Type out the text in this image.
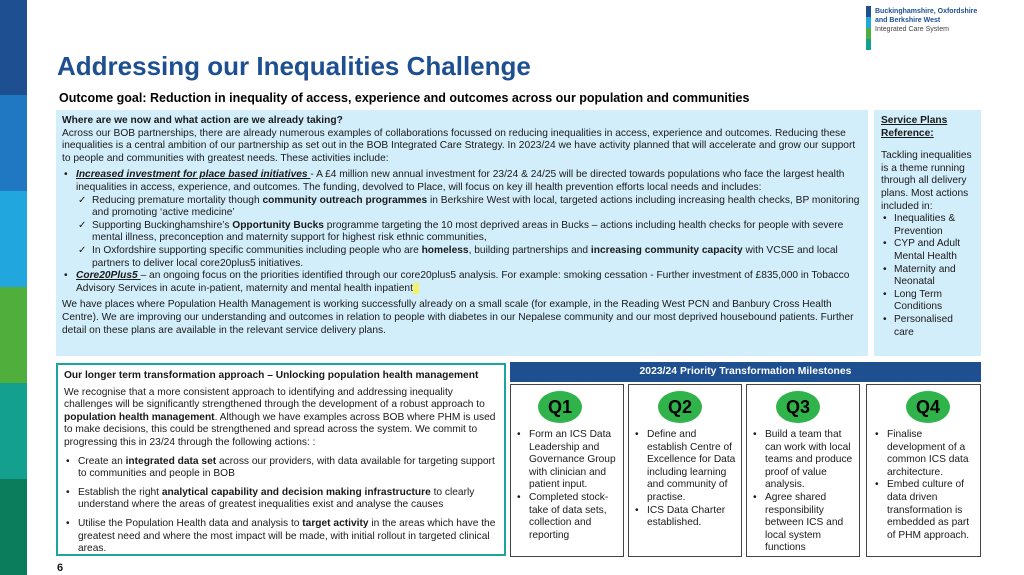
Buckinghamshire, Oxfordshire
and Berkshire West
Integrated Care System
Addressing our Inequalities Challenge
Outcome goal: Reduction in inequality of access, experience and outcomes across our population and communities
Where are we now and what action are we already taking?
Across our BOB partnerships, there are already numerous examples of collaborations focussed on reducing inequalities in access, experience and outcomes. Reducing these inequalities is a central ambition of our partnership as set out in the BOB Integrated Care Strategy. In 2023/24 we have activity planned that will accelerate and grow our support to people and communities with greatest needs. These activities include:
• Increased investment for place based initiatives - A £4 million new annual investment for 23/24 & 24/25 will be directed towards populations who face the largest health inequalities in access, experience, and outcomes. The funding, devolved to Place, will focus on key ill health prevention efforts local needs and includes:
✓ Reducing premature mortality though community outreach programmes in Berkshire West with local, targeted actions including increasing health checks, BP monitoring and promoting ‘active medicine’
✓ Supporting Buckinghamshire’s Opportunity Bucks programme targeting the 10 most deprived areas in Bucks – actions including health checks for people with severe mental illness, preconception and maternity support for highest risk ethnic communities,
✓ In Oxfordshire supporting specific communities including people who are homeless, building partnerships and increasing community capacity with VCSE and local partners to deliver local core20plus5 initiatives.
• Core20Plus5 – an ongoing focus on the priorities identified through our core20plus5 analysis. For example: smoking cessation - Further investment of £835,000 in Tobacco Advisory Services in acute in-patient, maternity and mental health inpatient
We have places where Population Health Management is working successfully already on a small scale (for example, in the Reading West PCN and Banbury Cross Health Centre). We are improving our understanding and outcomes in relation to people with diabetes in our Nepalese community and our most deprived housebound patients. Further detail on these plans are available in the relevant service delivery plans.
Service Plans Reference:
Tackling inequalities is a theme running through all delivery plans. Most actions included in:
• Inequalities & Prevention
• CYP and Adult Mental Health
• Maternity and Neonatal
• Long Term Conditions
• Personalised care
Our longer term transformation approach – Unlocking population health management
We recognise that a more consistent approach to identifying and addressing inequality challenges will be significantly strengthened through the development of a robust approach to population health management. Although we have examples across BOB where PHM is used to make decisions, this could be strengthened and spread across the system. We commit to progressing this in 23/24 through the following actions: :
• Create an integrated data set across our providers, with data available for targeting support to communities and people in BOB
• Establish the right analytical capability and decision making infrastructure to clearly understand where the areas of greatest inequalities exist and analyse the causes
• Utilise the Population Health data and analysis to target activity in the areas which have the greatest need and where the most impact will be made, with initial rollout in targeted clinical areas.
2023/24 Priority Transformation Milestones
Q1
• Form an ICS Data Leadership and Governance Group with clinician and patient input.
• Completed stock-take of data sets, collection and reporting
Q2
• Define and establish Centre of Excellence for Data including learning and community of practise.
• ICS Data Charter established.
Q3
• Build a team that can work with local teams and produce proof of value analysis.
• Agree shared responsibility between ICS and local system functions
Q4
• Finalise development of a common ICS data architecture.
• Embed culture of data driven transformation is embedded as part of PHM approach.
6
